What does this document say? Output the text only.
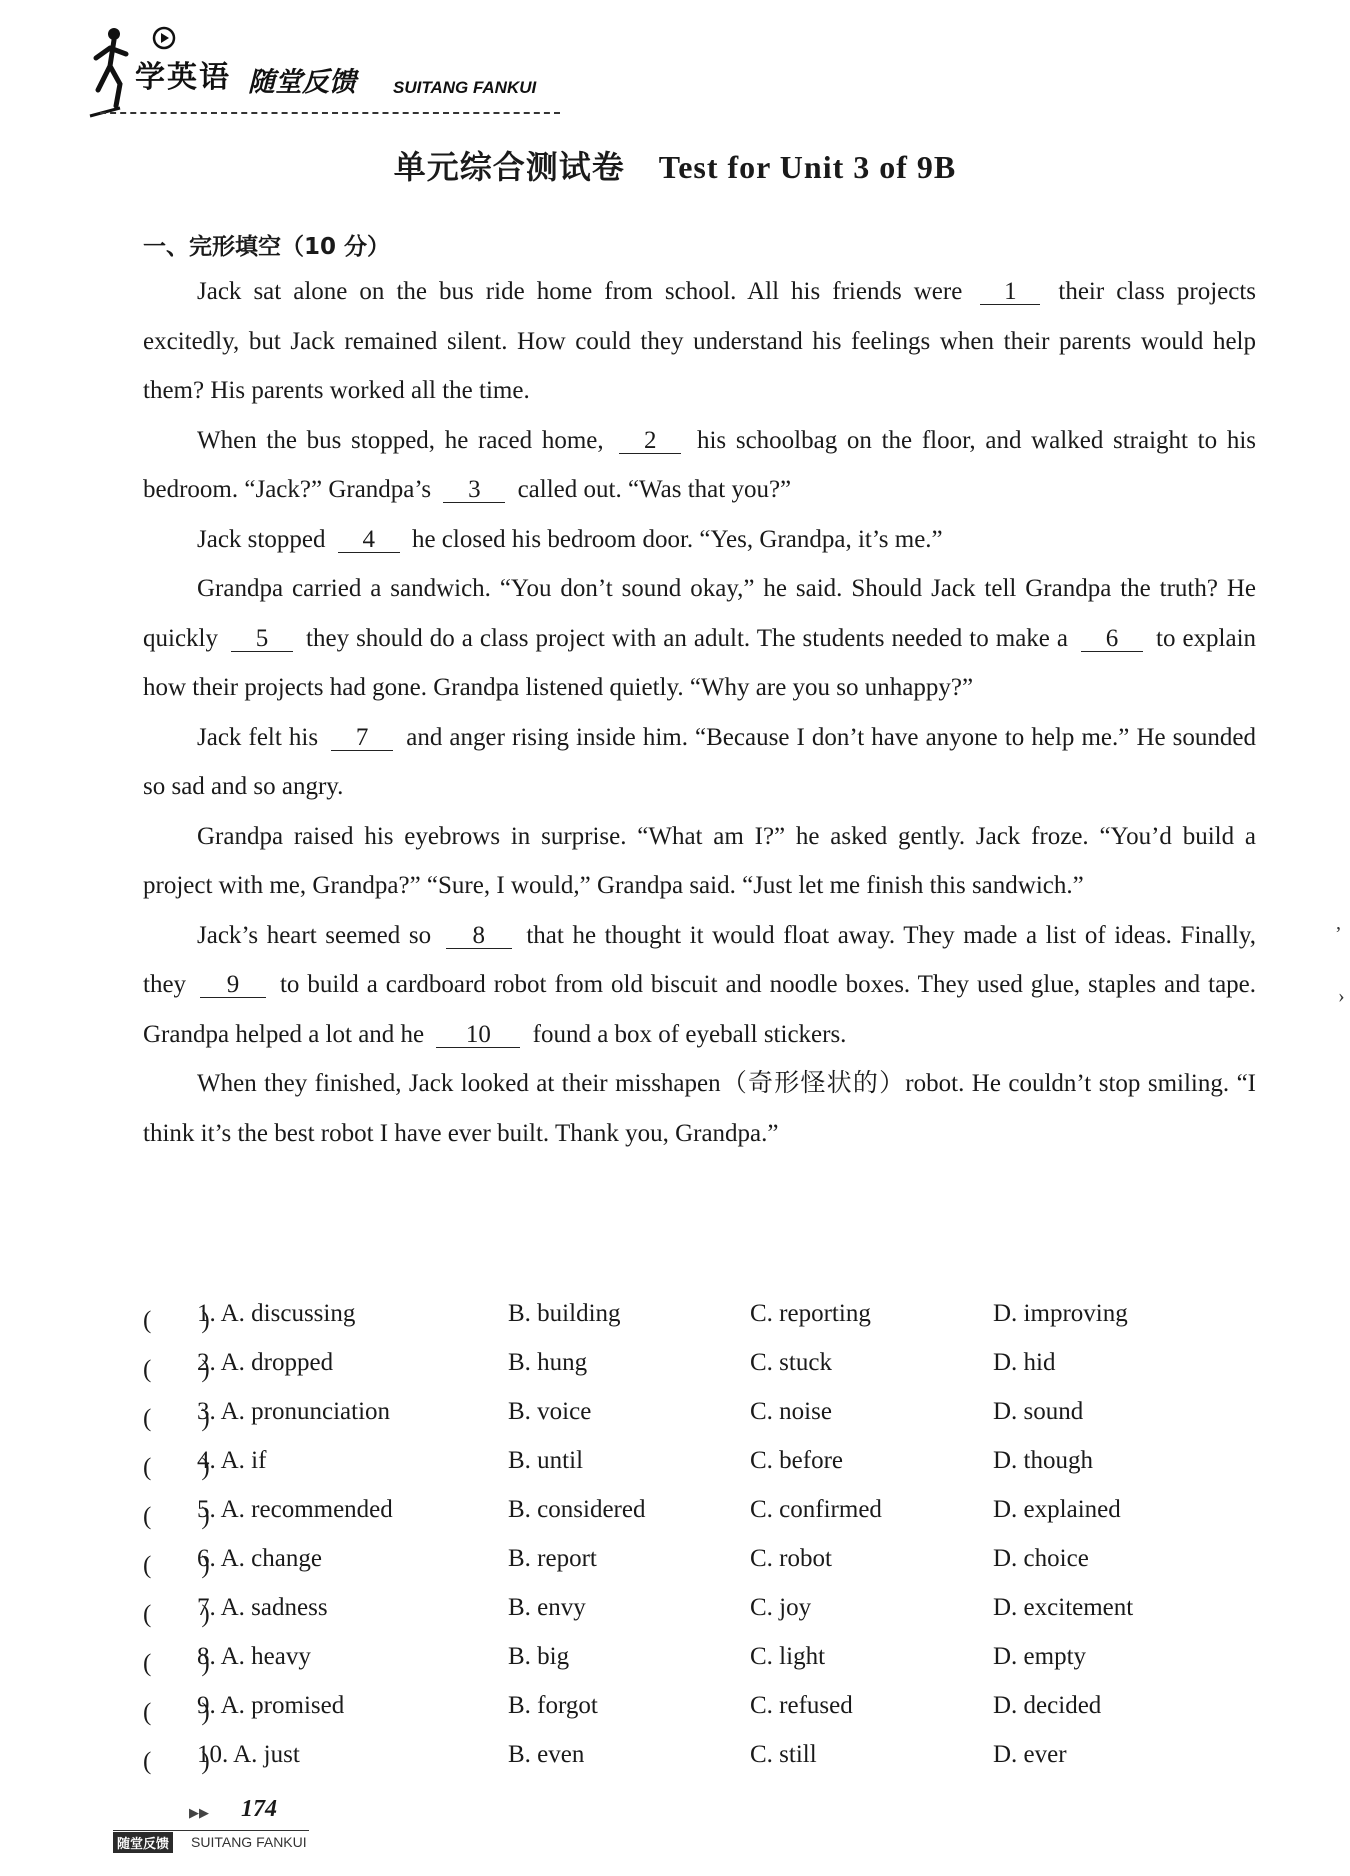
学英语 随堂反馈 SUITANG FANKUI
单元综合测试卷 Test for Unit 3 of 9B
一、完形填空（10 分）

Jack sat alone on the bus ride home from school. All his friends were 1 their class projects excitedly, but Jack remained silent. How could they understand his feelings when their parents would help them? His parents worked all the time.

When the bus stopped, he raced home, 2 his schoolbag on the floor, and walked straight to his bedroom. “Jack?” Grandpa’s 3 called out. “Was that you?”

Jack stopped 4 he closed his bedroom door. “Yes, Grandpa, it’s me.”

Grandpa carried a sandwich. “You don’t sound okay,” he said. Should Jack tell Grandpa the truth? He quickly 5 they should do a class project with an adult. The students needed to make a 6 to explain how their projects had gone. Grandpa listened quietly. “Why are you so unhappy?”

Jack felt his 7 and anger rising inside him. “Because I don’t have anyone to help me.” He sounded so sad and so angry.

Grandpa raised his eyebrows in surprise. “What am I?” he asked gently. Jack froze. “You’d build a project with me, Grandpa?” “Sure, I would,” Grandpa said. “Just let me finish this sandwich.”

Jack’s heart seemed so 8 that he thought it would float away. They made a list of ideas. Finally, they 9 to build a cardboard robot from old biscuit and noodle boxes. They used glue, staples and tape. Grandpa helped a lot and he 10 found a box of eyeball stickers.

When they finished, Jack looked at their misshapen（奇形怪状的）robot. He couldn’t stop smiling. “I think it’s the best robot I have ever built. Thank you, Grandpa.”

(　　)
1. A. discussing	B. building	C. reporting	D. improving
(　　)
2. A. dropped	B. hung	C. stuck	D. hid
(　　)
3. A. pronunciation	B. voice	C. noise	D. sound
(　　)
4. A. if	B. until	C. before	D. though
(　　)
5. A. recommended	B. considered	C. confirmed	D. explained
(　　)
6. A. change	B. report	C. robot	D. choice
(　　)
7. A. sadness	B. envy	C. joy	D. excitement
(　　)
8. A. heavy	B. big	C. light	D. empty
(　　)
9. A. promised	B. forgot	C. refused	D. decided
(　　)
10. A. just	B. even	C. still	D. ever
,
›
▶▶ 174
随堂反馈 SUITANG FANKUI
